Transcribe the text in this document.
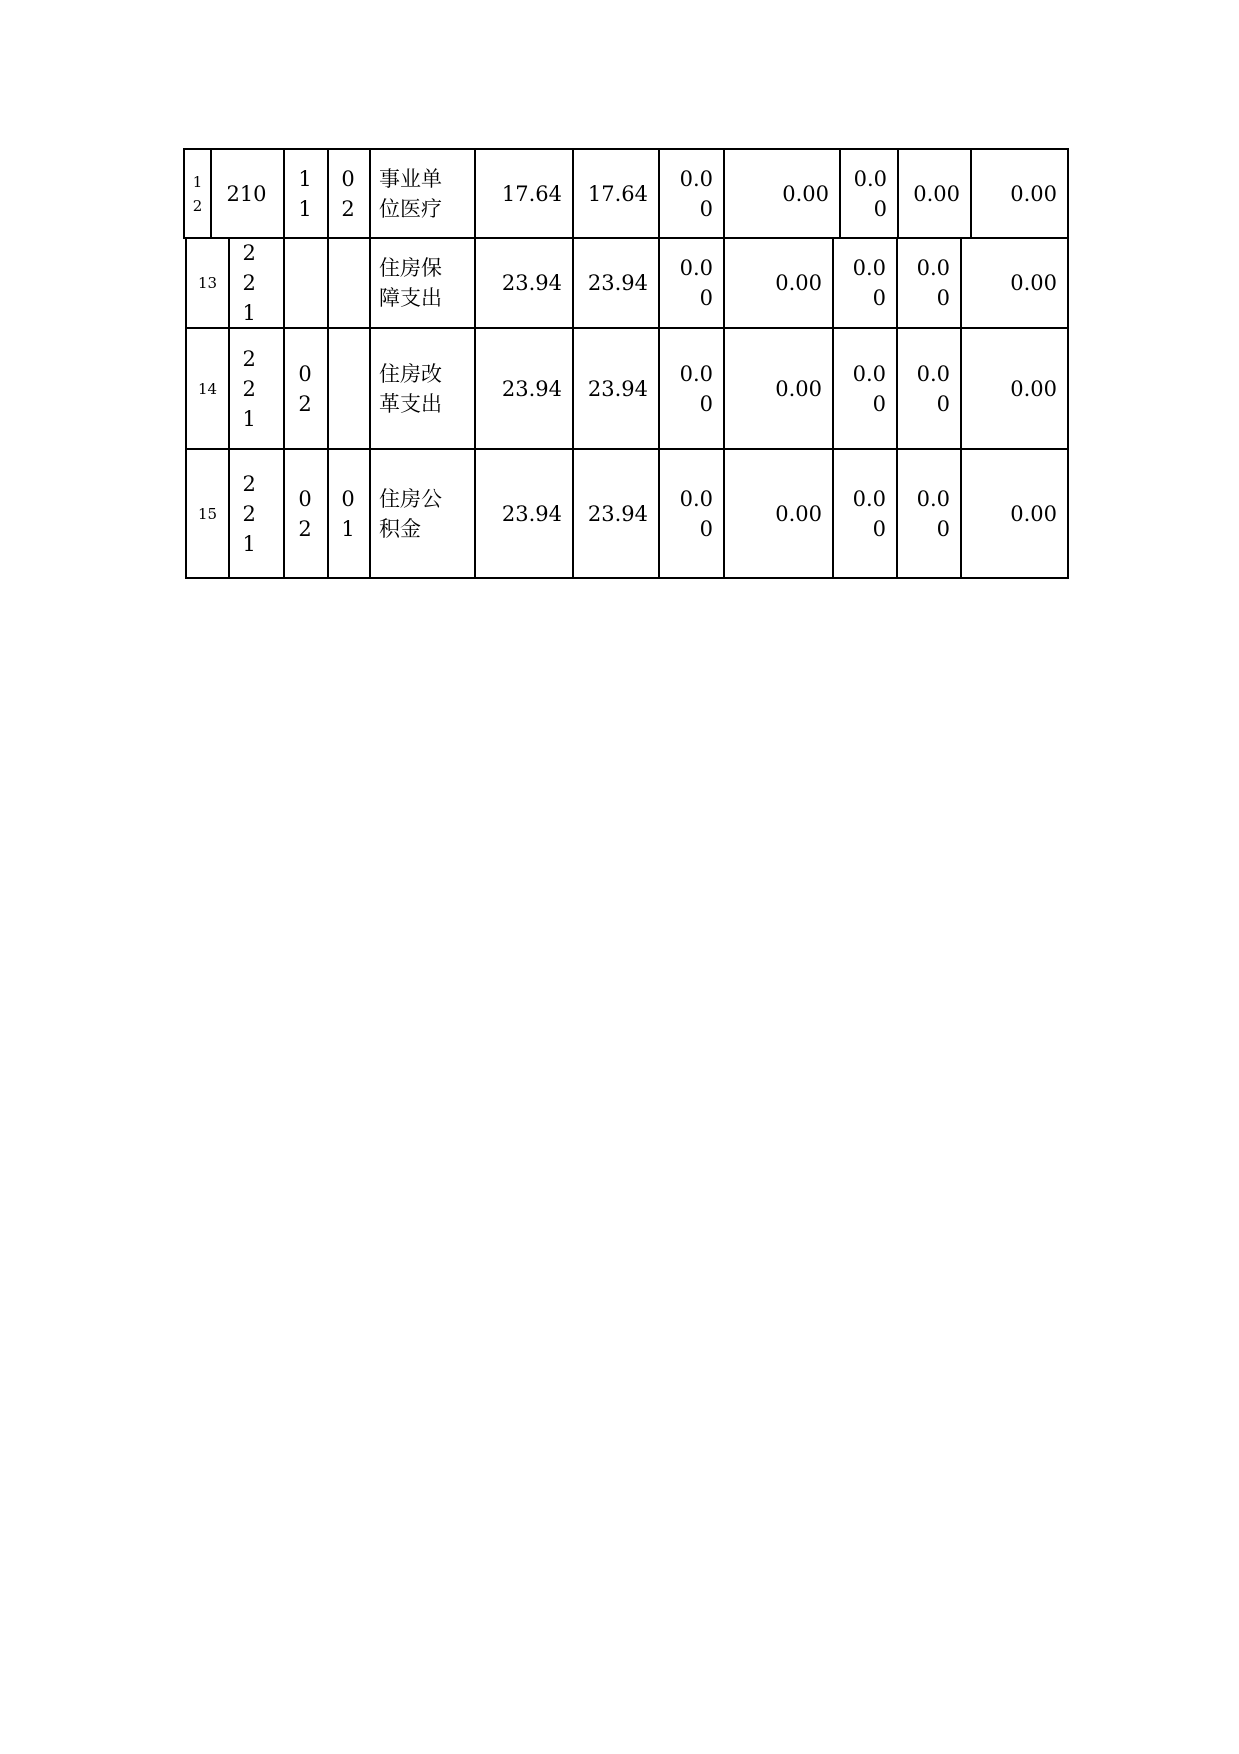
12 210
11
02
事业单位医疗
17.64 17.64
0.00
0.00
0.00
0.00 0.00
13
221
住房保障支出
23.94 23.94
0.00
0.00
0.00
0.00
0.00
14
221
02
住房改革支出
23.94 23.94
0.00
0.00
0.00
0.00
0.00
15
221
02
01
住房公积金
23.94 23.94
0.00
0.00
0.00
0.00
0.00
